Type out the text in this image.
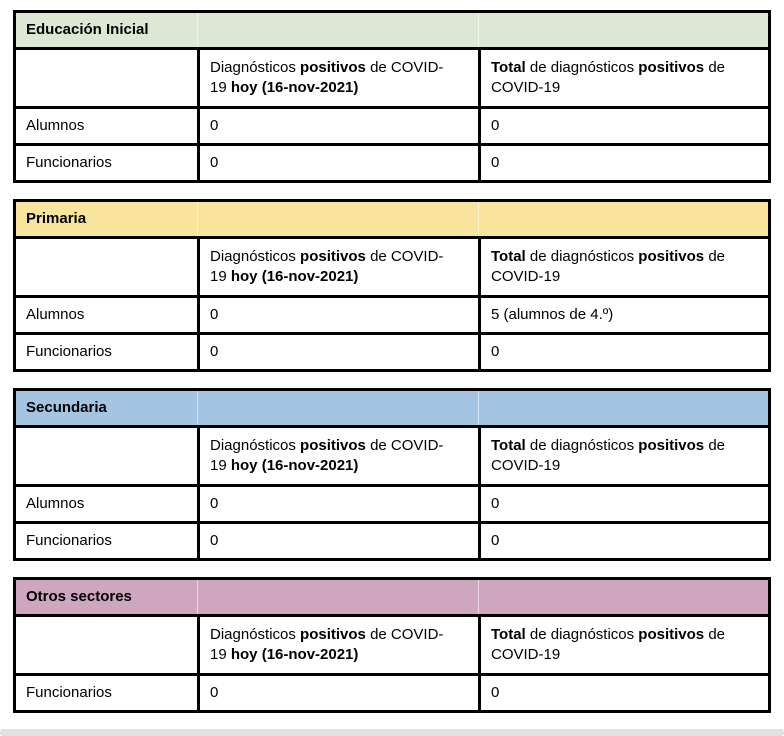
Educación Inicial		

	Diagnósticos positivos de COVID-19 hoy (16-nov-2021)	Total de diagnósticos positivos de COVID-19

Alumnos	0	0
Funcionarios	0	0
Primaria		

	Diagnósticos positivos de COVID-19 hoy (16-nov-2021)	Total de diagnósticos positivos de COVID-19

Alumnos	0	5 (alumnos de 4.º)
Funcionarios	0	0
Secundaria		

	Diagnósticos positivos de COVID-19 hoy (16-nov-2021)	Total de diagnósticos positivos de COVID-19

Alumnos	0	0
Funcionarios	0	0
Otros sectores		

	Diagnósticos positivos de COVID-19 hoy (16-nov-2021)	Total de diagnósticos positivos de COVID-19

Funcionarios	0	0
